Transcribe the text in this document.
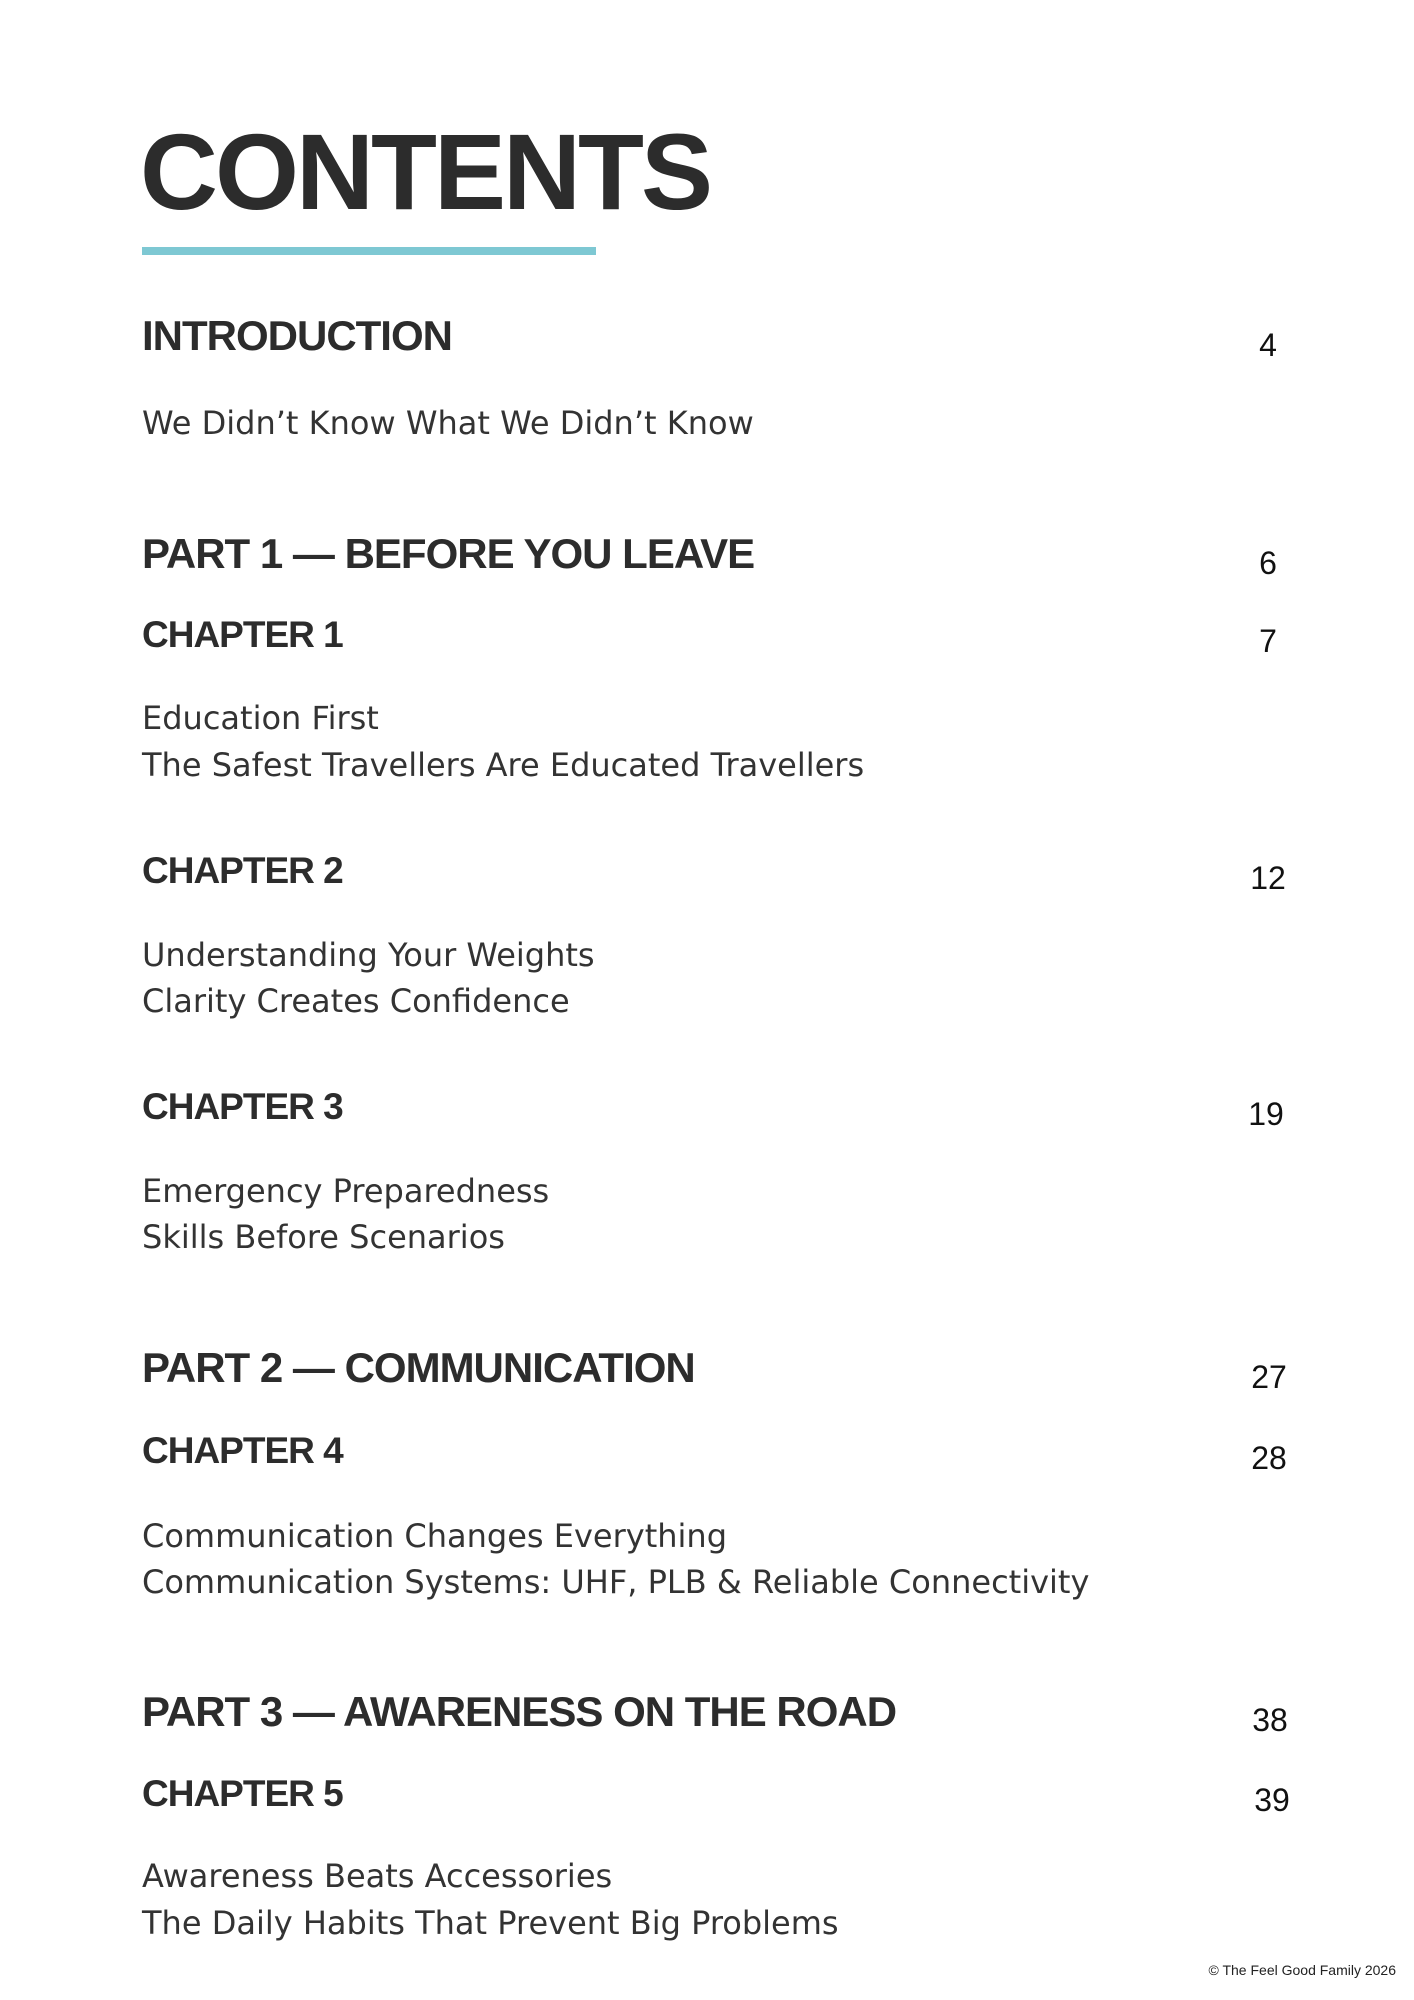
CONTENTS
INTRODUCTION	4

We Didn’t Know What We Didn’t Know

PART 1 — BEFORE YOU LEAVE	6
CHAPTER 1	7

Education First

The Safest Travellers Are Educated Travellers

CHAPTER 2	12

Understanding Your Weights

Clarity Creates Confidence

CHAPTER 3	19

Emergency Preparedness

Skills Before Scenarios

PART 2 — COMMUNICATION	27
CHAPTER 4	28

Communication Changes Everything

Communication Systems: UHF, PLB & Reliable Connectivity

PART 3 — AWARENESS ON THE ROAD	38
CHAPTER 5	39

Awareness Beats Accessories

The Daily Habits That Prevent Big Problems

© The Feel Good Family 2026
